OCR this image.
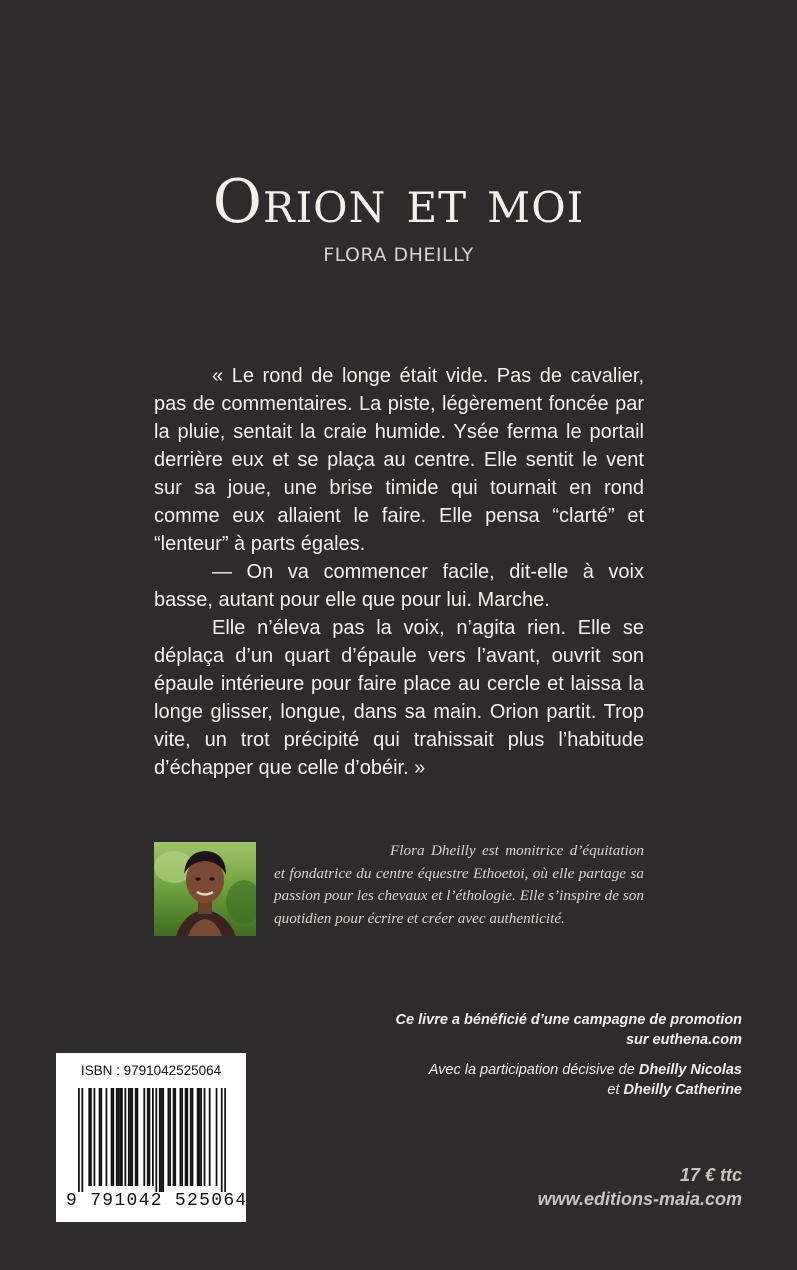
Orion et moi
FLORA DHEILLY

« Le rond de longe était vide. Pas de cavalier, pas de commentaires. La piste, légèrement foncée par la pluie, sentait la craie humide. Ysée ferma le portail derrière eux et se plaça au centre. Elle sentit le vent sur sa joue, une brise timide qui tournait en rond comme eux allaient le faire. Elle pensa “clarté” et “lenteur” à parts égales.

— On va commencer facile, dit-elle à voix basse, autant pour elle que pour lui. Marche.

Elle n’éleva pas la voix, n’agita rien. Elle se déplaça d’un quart d’épaule vers l’avant, ouvrit son épaule intérieure pour faire place au cercle et laissa la longe glisser, longue, dans sa main. Orion partit. Trop vite, un trot précipité qui trahissait plus l’habitude d’échapper que celle d’obéir. »

Flora Dheilly est monitrice d’équitation et fondatrice du centre équestre Ethoetoi, où elle partage sa passion pour les chevaux et l’éthologie. Elle s’inspire de son quotidien pour écrire et créer avec authenticité.
Ce livre a bénéficié d’une campagne de promotion
sur euthena.com
Avec la participation décisive de Dheilly Nicolas
et Dheilly Catherine
ISBN : 9791042525064
9 791042 525064
17 € ttc
www.editions-maia.com
